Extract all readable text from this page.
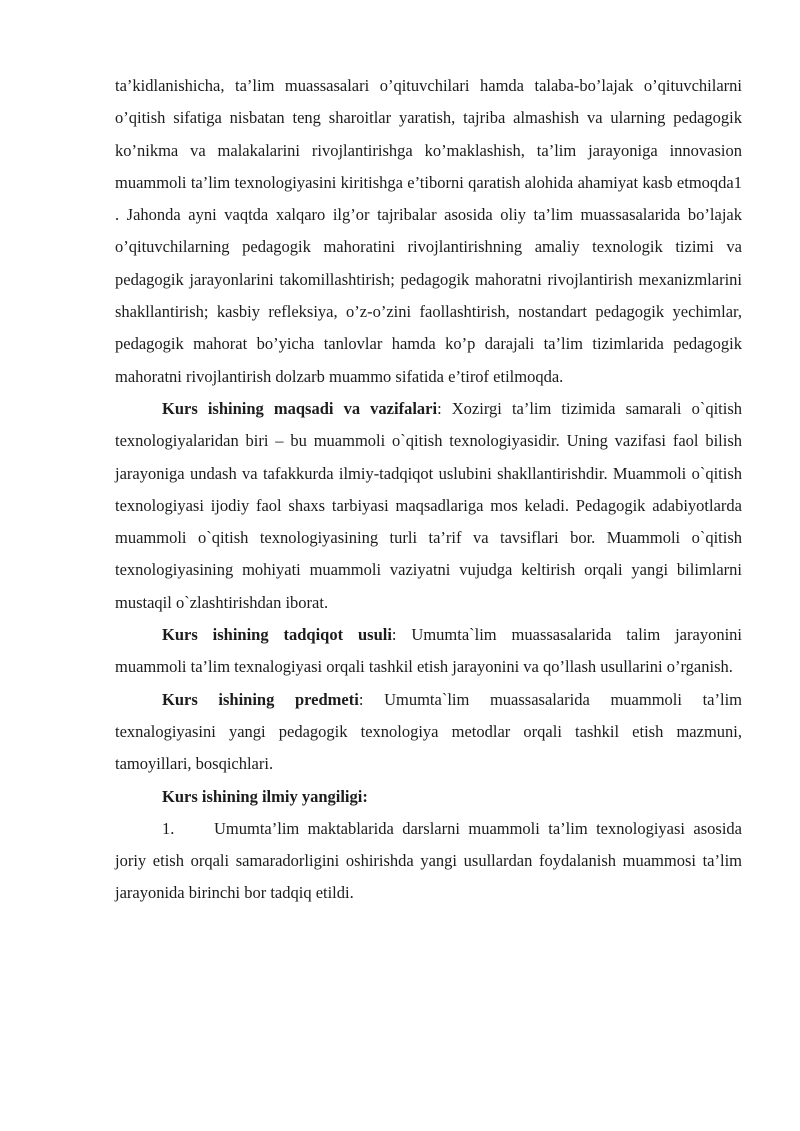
ta’kidlanishicha, ta’lim muassasalari o’qituvchilari hamda talaba-bo’lajak o’qituvchilarni o’qitish sifatiga nisbatan teng sharoitlar yaratish, tajriba almashish va ularning pedagogik ko’nikma va malakalarini rivojlantirishga ko’maklashish, ta’lim jarayoniga innovasion muammoli ta’lim texnologiyasini kiritishga e’tiborni qaratish alohida ahamiyat kasb etmoqda1 . Jahonda ayni vaqtda xalqaro ilg’or tajribalar asosida oliy ta’lim muassasalarida bo’lajak o’qituvchilarning pedagogik mahoratini rivojlantirishning amaliy texnologik tizimi va pedagogik jarayonlarini takomillashtirish; pedagogik mahoratni rivojlantirish mexanizmlarini shakllantirish; kasbiy refleksiya, o’z-o’zini faollashtirish, nostandart pedagogik yechimlar, pedagogik mahorat bo’yicha tanlovlar hamda ko’p darajali ta’lim tizimlarida pedagogik mahoratni rivojlantirish dolzarb muammo sifatida e’tirof etilmoqda.

Kurs ishining maqsadi va vazifalari: Xozirgi ta’lim tizimida samarali o`qitish texnologiyalaridan biri – bu muammoli o`qitish texnologiyasidir. Uning vazifasi faol bilish jarayoniga undash va tafakkurda ilmiy-tadqiqot uslubini shakllantirishdir. Muammoli o`qitish texnologiyasi ijodiy faol shaxs tarbiyasi maqsadlariga mos keladi. Pedagogik adabiyotlarda muammoli o`qitish texnologiyasining turli ta’rif va tavsiflari bor. Muammoli o`qitish texnologiyasining mohiyati muammoli vaziyatni vujudga keltirish orqali yangi bilimlarni mustaqil o`zlashtirishdan iborat.

Kurs ishining tadqiqot usuli: Umumta`lim muassasalarida talim jarayonini muammoli ta’lim texnalogiyasi orqali tashkil etish jarayonini va qo’llash usullarini o’rganish.

Kurs ishining predmeti: Umumta`lim muassasalarida muammoli ta’lim texnalogiyasini yangi pedagogik texnologiya metodlar orqali tashkil etish mazmuni, tamoyillari, bosqichlari.

Kurs ishining ilmiy yangiligi:

1. Umumta’lim maktablarida darslarni muammoli ta’lim texnologiyasi asosida joriy etish orqali samaradorligini oshirishda yangi usullardan foydalanish muammosi ta’lim jarayonida birinchi bor tadqiq etildi.
